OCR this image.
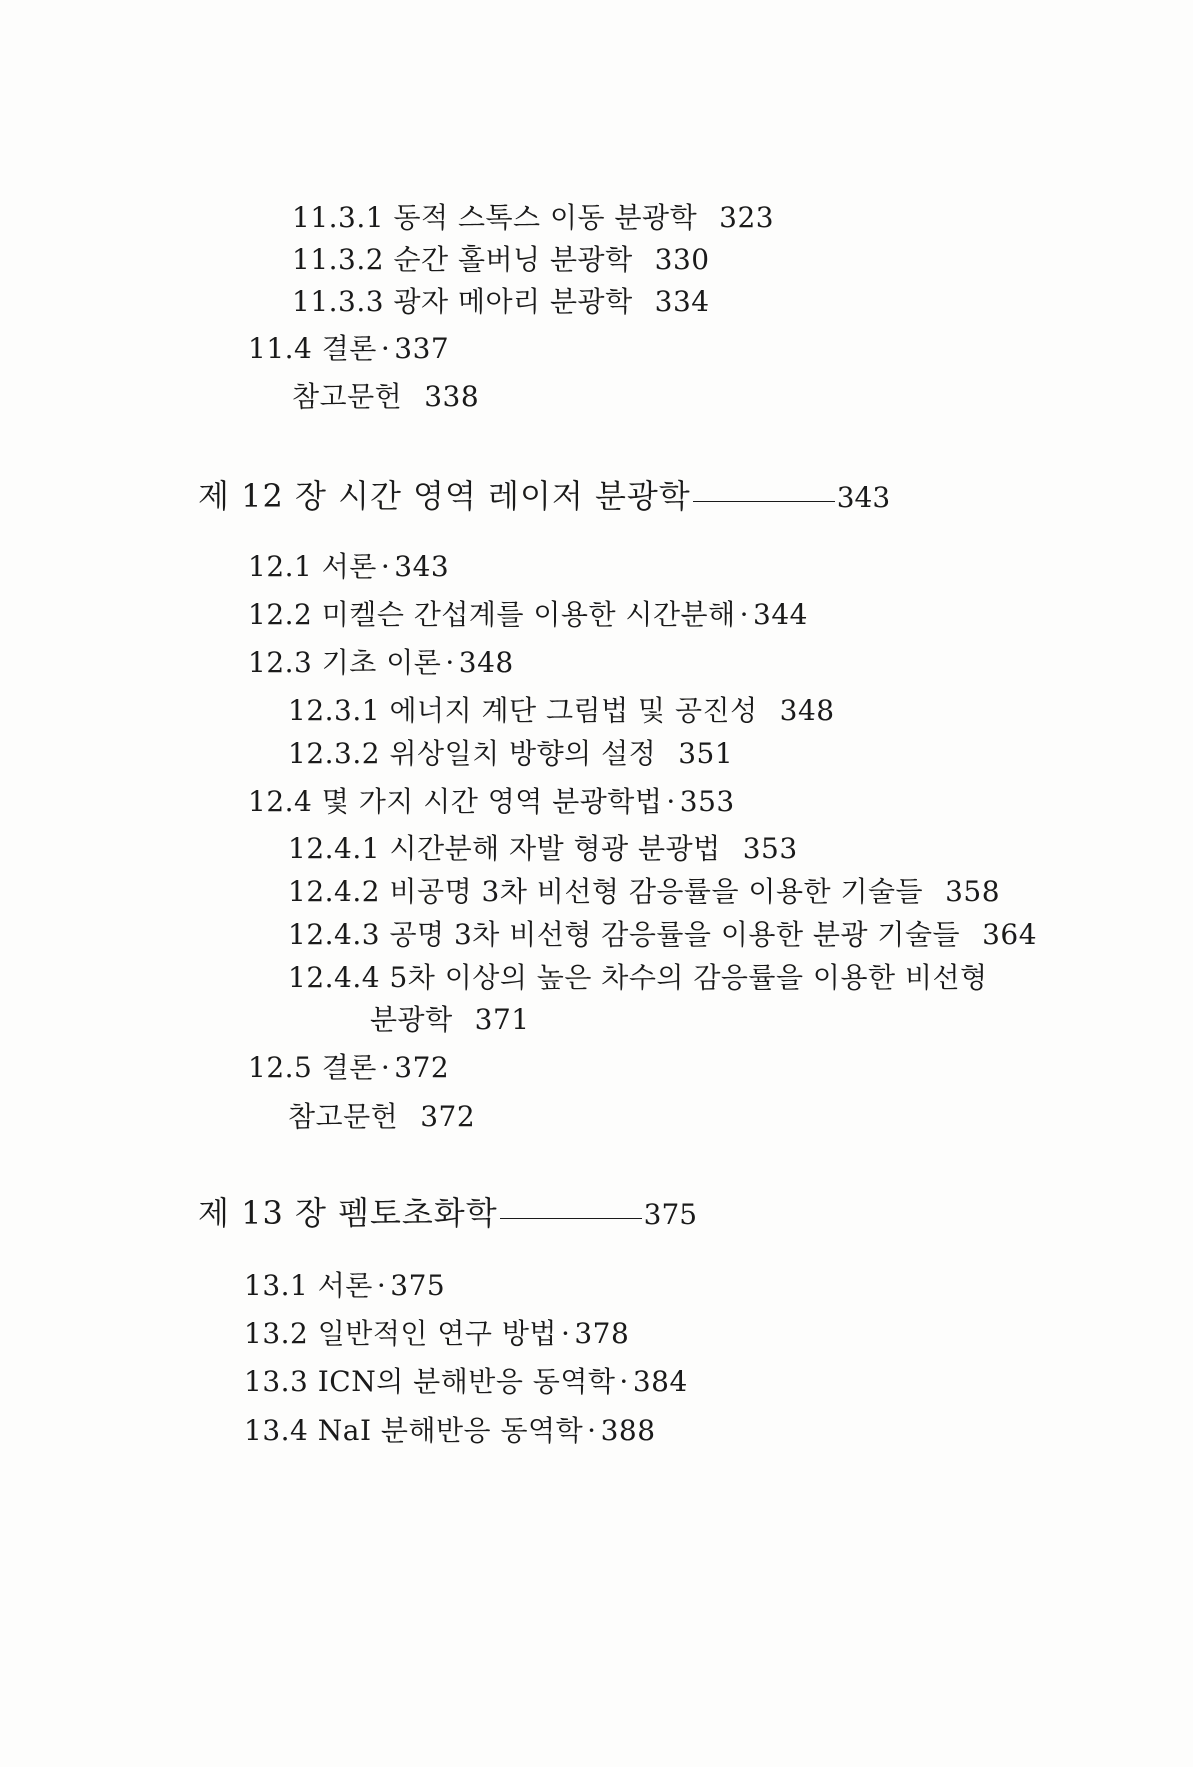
11.3.1 동적 스톡스 이동 분광학 323
11.3.2 순간 홀버닝 분광학 330
11.3.3 광자 메아리 분광학 334
11.4 결론 · 337
참고문헌 338
제 12 장
시간 영역 레이저 분광학	343
12.1 서론 · 343
12.2 미켈슨 간섭계를 이용한 시간분해 · 344
12.3 기초 이론 · 348
12.3.1 에너지 계단 그림법 및 공진성 348
12.3.2 위상일치 방향의 설정 351
12.4 몇 가지 시간 영역 분광학법 · 353
12.4.1 시간분해 자발 형광 분광법 353
12.4.2 비공명 3차 비선형 감응률을 이용한 기술들 358
12.4.3 공명 3차 비선형 감응률을 이용한 분광 기술들 364
12.4.4 5차 이상의 높은 차수의 감응률을 이용한 비선형
분광학 371
12.5 결론 · 372
참고문헌 372
제 13 장
펨토초화학	375
13.1 서론 · 375
13.2 일반적인 연구 방법 · 378
13.3 ICN의 분해반응 동역학 · 384
13.4 NaI 분해반응 동역학 · 388
